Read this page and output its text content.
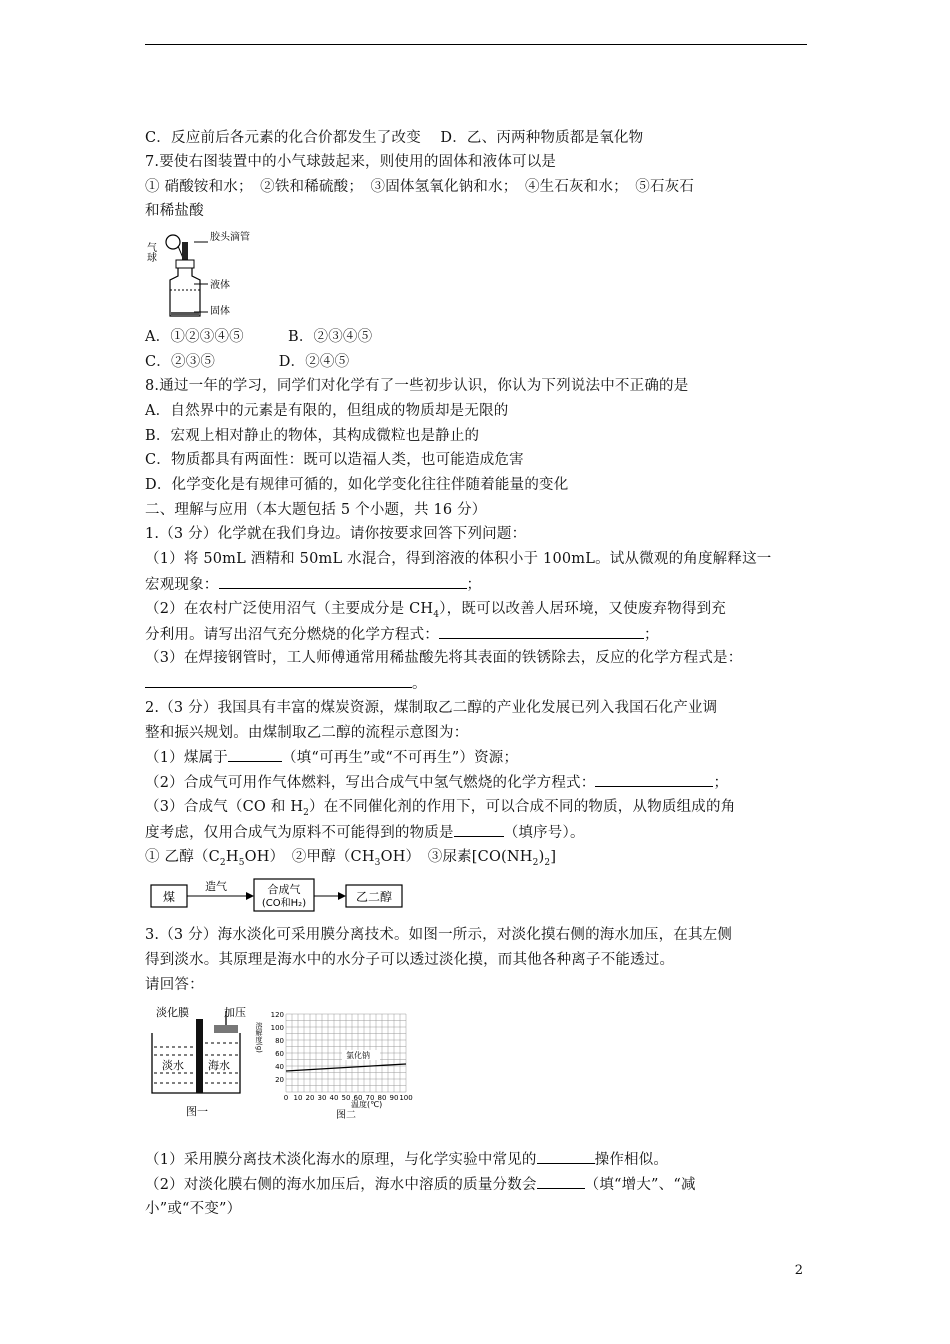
C．反应前后各元素的化合价都发生了改变　 D．乙、丙两种物质都是氧化物
7.要使右图装置中的小气球鼓起来，则使用的固体和液体可以是
① 硝酸铵和水；　②铁和稀硫酸；　③固体氢氧化钠和水；　④生石灰和水；　⑤石灰石
和稀盐酸
气球
胶头滴管
液体
固体
A．①②③④⑤　　　B．②③④⑤
C．②③⑤　　　　 D．②④⑤
8.通过一年的学习，同学们对化学有了一些初步认识，你认为下列说法中不正确的是
A．自然界中的元素是有限的，但组成的物质却是无限的
B．宏观上相对静止的物体，其构成微粒也是静止的
C．物质都具有两面性：既可以造福人类，也可能造成危害
D．化学变化是有规律可循的，如化学变化往往伴随着能量的变化
二、理解与应用（本大题包括 5 个小题，共 16 分）
1.（3 分）化学就在我们身边。请你按要求回答下列问题：
（1）将 50mL 酒精和 50mL 水混合，得到溶液的体积小于 100mL。试从微观的角度解释这一
宏观现象：	；
（2）在农村广泛使用沼气（主要成分是 $CH_4$），既可以改善人居环境，又使废弃物得到充
分利用。请写出沼气充分燃烧的化学方程式：	；
（3）在焊接钢管时，工人师傅通常用稀盐酸先将其表面的铁锈除去，反应的化学方程式是：
。
2.（3 分）我国具有丰富的煤炭资源，煤制取乙二醇的产业化发展已列入我国石化产业调
整和振兴规划。由煤制取乙二醇的流程示意图为：
（1）煤属于	（填“可再生”或“不可再生”）资源；
（2）合成气可用作气体燃料，写出合成气中氢气燃烧的化学方程式：	；
（3）合成气（CO 和 $H_2$）在不同催化剂的作用下，可以合成不同的物质，从物质组成的角
度考虑，仅用合成气为原料不可能得到的物质是	（填序号）。
① 乙醇$(C_2H_5OH)$　②甲醇$(CH_3OH)$　③尿素$[CO(NH_2)_2]$
煤
造气	合成气
(CO和H₂)	乙二醇
3.（3 分）海水淡化可采用膜分离技术。如图一所示，对淡化摸右侧的海水加压，在其左侧
得到淡水。其原理是海水中的水分子可以透过淡化摸，而其他各种离子不能透过。
请回答：
淡化膜	加压
淡水 海水
图一
溶解度(g)
120
100
80
60
40
20
0 10 20 30 40 50 60 70 80 90 100
氯化钠
温度(℃)
图二
（1）采用膜分离技术淡化海水的原理，与化学实验中常见的	操作相似。
（2）对淡化膜右侧的海水加压后，海水中溶质的质量分数会	（填“增大”、“减
小”或“不变”）
2
